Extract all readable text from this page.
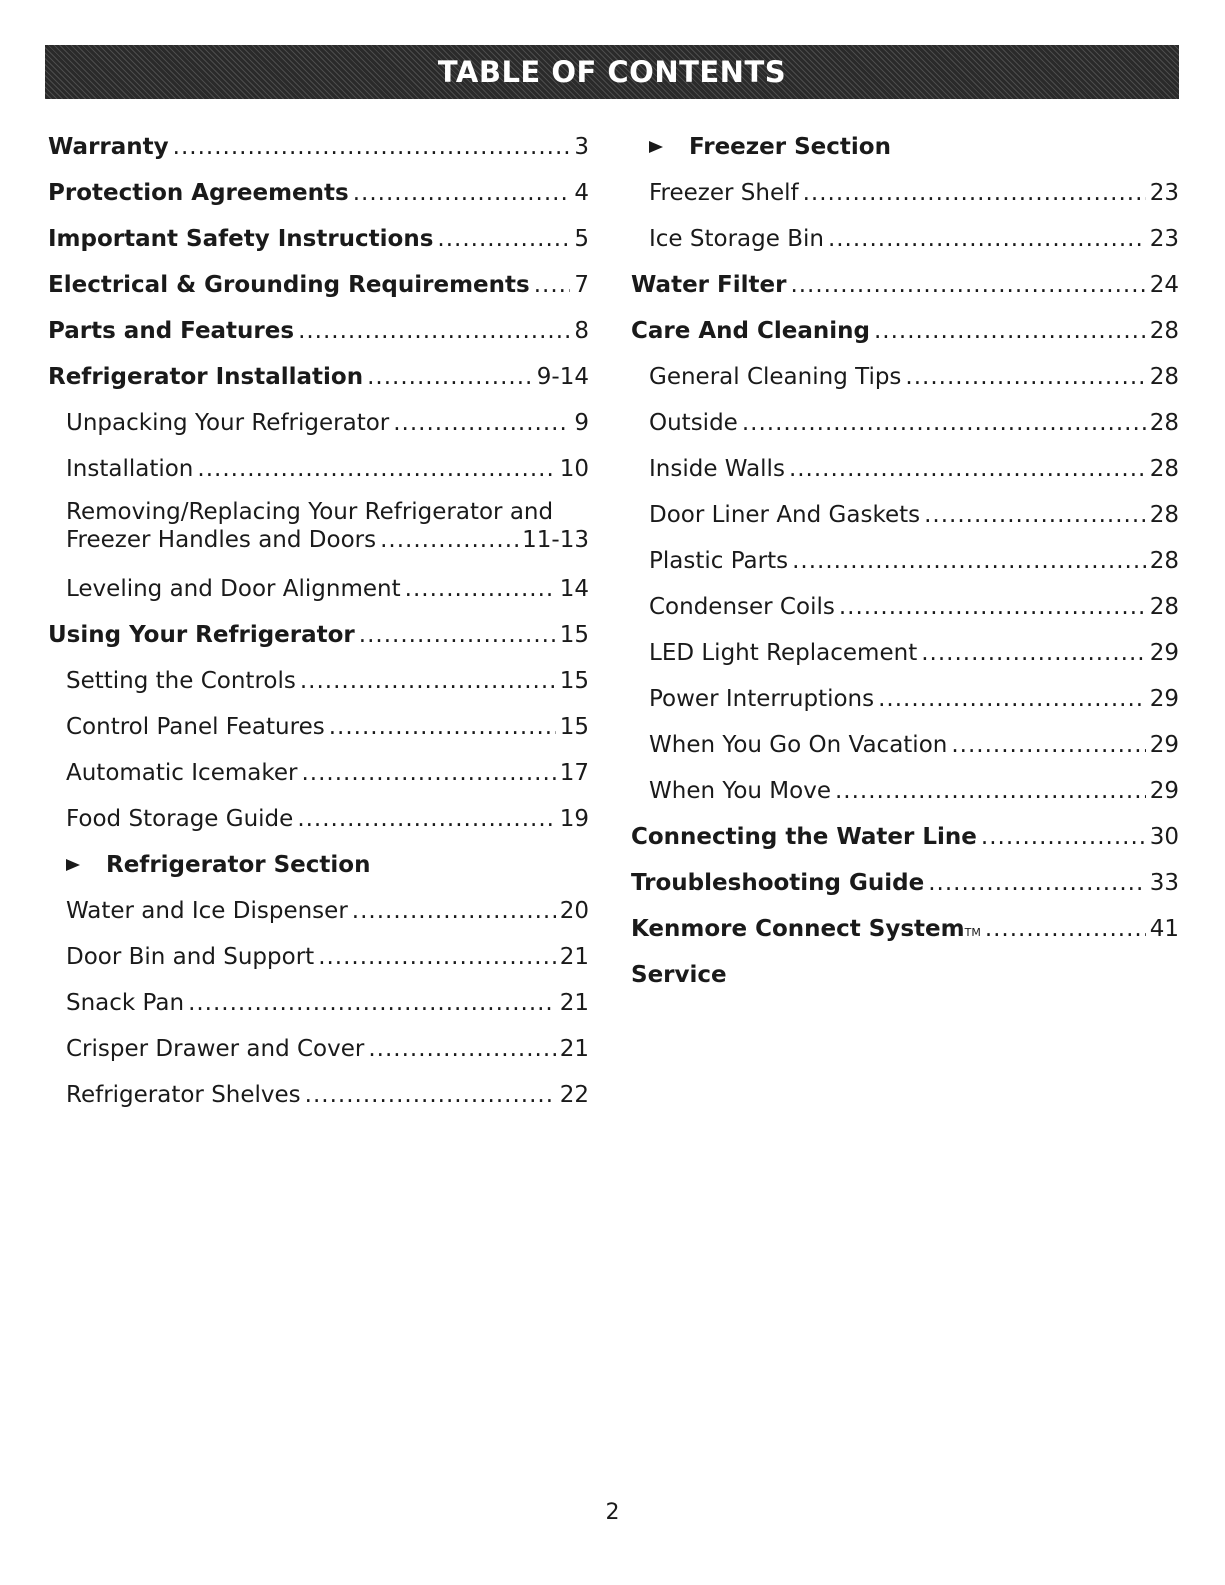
TABLE OF CONTENTS
Warranty .....	3
Protection Agreements .....	4
Important Safety Instructions .....	5
Electrical & Grounding Requirements ..... 7
Parts and Features .....	8
Refrigerator Installation .....	9-14
Unpacking Your Refrigerator .....	9
Installation .....	10
Removing/Replacing Your Refrigerator and
Freezer Handles and Doors .....	11-13
Leveling and Door Alignment .....	14
Using Your Refrigerator .....	15
Setting the Controls .....	15
Control Panel Features .....	15
Automatic Icemaker .....	17
Food Storage Guide .....	19
Refrigerator Section
Water and Ice Dispenser .....	20
Door Bin and Support .....	21
Snack Pan .....	21
Crisper Drawer and Cover .....	21
Refrigerator Shelves .....	22
Freezer Section
Freezer Shelf .....	23
Ice Storage Bin .....	23
Water Filter .....	24
Care And Cleaning .....	28
General Cleaning Tips .....	28
Outside .....	28
Inside Walls .....	28
Door Liner And Gaskets .....	28
Plastic Parts .....	28
Condenser Coils .....	28
LED Light Replacement .....	29
Power Interruptions .....	29
When You Go On Vacation .....	29
When You Move .....	29
Connecting the Water Line .....	30
Troubleshooting Guide .....	33
Kenmore Connect System TM .....	41
Service
2
